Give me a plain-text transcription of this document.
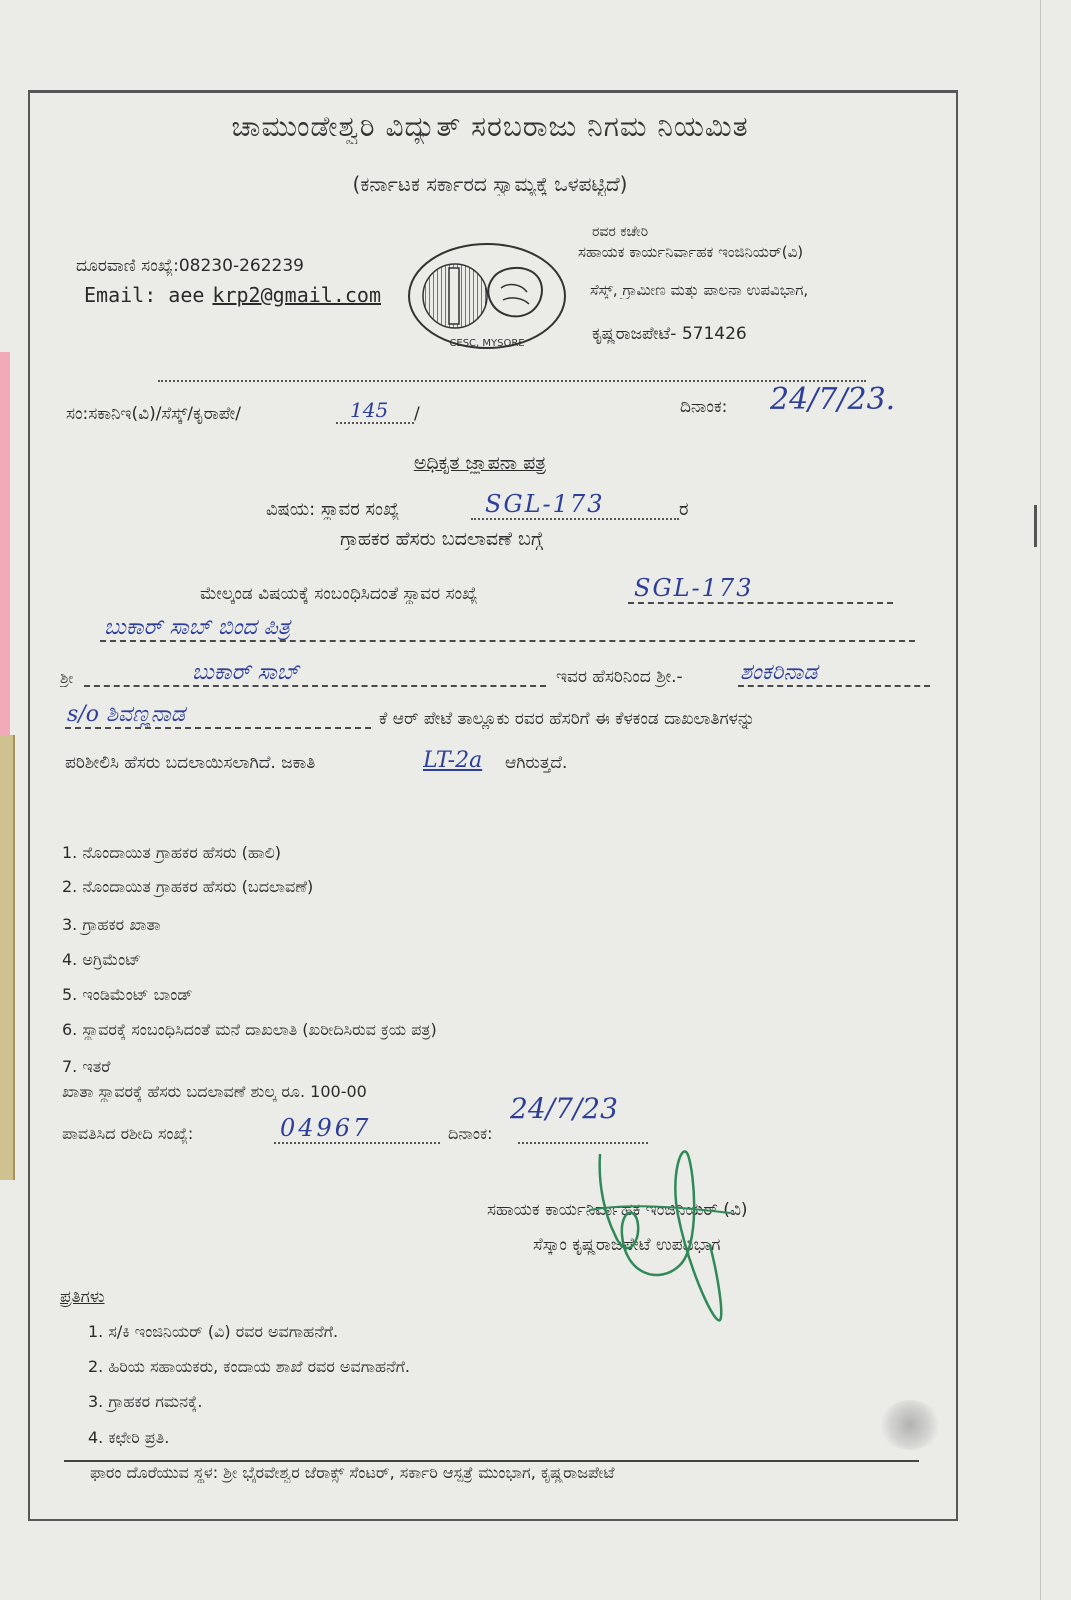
ಚಾಮುಂಡೇಶ್ವರಿ ವಿದ್ಯುತ್ ಸರಬರಾಜು ನಿಗಮ ನಿಯಮಿತ
(ಕರ್ನಾಟಕ ಸರ್ಕಾರದ ಸ್ವಾಮ್ಯಕ್ಕೆ ಒಳಪಟ್ಟಿದೆ)
ದೂರವಾಣಿ ಸಂಖ್ಯೆ:08230-262239
Email: aee krp2@gmail.com
CESC, MYSORE
ರವರ ಕಚೇರಿ
ಸಹಾಯಕ ಕಾರ್ಯನಿರ್ವಾಹಕ ಇಂಜಿನಿಯರ್(ವಿ)
ಸೆಸ್ಕ್, ಗ್ರಾಮೀಣ ಮತ್ತು ಪಾಲನಾ ಉಪವಿಭಾಗ,
ಕೃಷ್ಣರಾಜಪೇಟೆ- 571426
ಸಂ:ಸಕಾನಿಇ(ವಿ)/ಸೆಸ್ಕ್/ಕೃರಾಪೇ/	145 /	ದಿನಾಂಕ:	24/7/23.
ಅಧಿಕೃತ ಜ್ಞಾಪನಾ ಪತ್ರ
ವಿಷಯ: ಸ್ಥಾವರ ಸಂಖ್ಯೆ	SGL-173	ರ
ಗ್ರಾಹಕರ ಹೆಸರು ಬದಲಾವಣೆ ಬಗ್ಗೆ
ಮೇಲ್ಕಂಡ ವಿಷಯಕ್ಕೆ ಸಂಬಂಧಿಸಿದಂತೆ ಸ್ಥಾವರ ಸಂಖ್ಯೆ	SGL-173
ಬುಕಾರ್ ಸಾಬ್ ಬಿಂದ ಪಿತ್ರ
ಶ್ರೀ	ಬುಕಾರ್ ಸಾಬ್	ಇವರ ಹೆಸರಿನಿಂದ ಶ್ರೀ.-	ಶಂಕರಿನಾಡ
s/o ಶಿವಣ್ಣನಾಡ	ಕೆ ಆರ್ ಪೇಟೆ ತಾಲ್ಲೂಕು ರವರ ಹೆಸರಿಗೆ ಈ ಕೆಳಕಂಡ ದಾಖಲಾತಿಗಳನ್ನು
ಪರಿಶೀಲಿಸಿ ಹೆಸರು ಬದಲಾಯಿಸಲಾಗಿದೆ. ಜಕಾತಿ	LT-2a	ಆಗಿರುತ್ತದೆ.
1. ನೊಂದಾಯಿತ ಗ್ರಾಹಕರ ಹೆಸರು (ಹಾಲಿ)
2. ನೊಂದಾಯಿತ ಗ್ರಾಹಕರ ಹೆಸರು (ಬದಲಾವಣೆ)
3. ಗ್ರಾಹಕರ ಖಾತಾ
4. ಅಗ್ರಿಮೆಂಟ್
5. ಇಂಡಿಮೆಂಟ್ ಬಾಂಡ್
6. ಸ್ಥಾವರಕ್ಕೆ ಸಂಬಂಧಿಸಿದಂತೆ ಮನೆ ದಾಖಲಾತಿ (ಖರೀದಿಸಿರುವ ಕ್ರಯ ಪತ್ರ)
7. ಇತರೆ
ಖಾತಾ ಸ್ಥಾವರಕ್ಕೆ ಹೆಸರು ಬದಲಾವಣೆ ಶುಲ್ಕ ರೂ. 100-00
ಪಾವತಿಸಿದ ರಶೀದಿ ಸಂಖ್ಯೆ:	04967	ದಿನಾಂಕ:
24/7/23
ಸಹಾಯಕ ಕಾರ್ಯನಿರ್ವಾಹಕ ಇಂಜಿನಿಯರ್ (ವಿ)
ಸೆಸ್ಕಾಂ ಕೃಷ್ಣರಾಜಪೇಟೆ ಉಪವಿಭಾಗ
ಪ್ರತಿಗಳು
1. ಸ/ಕಿ ಇಂಜಿನಿಯರ್ (ವಿ) ರವರ ಅವಗಾಹನೆಗೆ.
2. ಹಿರಿಯ ಸಹಾಯಕರು, ಕಂದಾಯ ಶಾಖೆ ರವರ ಅವಗಾಹನೆಗೆ.
3. ಗ್ರಾಹಕರ ಗಮನಕ್ಕೆ.
4. ಕಛೇರಿ ಪ್ರತಿ.
ಫಾರಂ ದೊರೆಯುವ ಸ್ಥಳ: ಶ್ರೀ ಭೈರವೇಶ್ವರ ಜೆರಾಕ್ಸ್ ಸೆಂಟರ್, ಸರ್ಕಾರಿ ಆಸ್ಪತ್ರೆ ಮುಂಭಾಗ, ಕೃಷ್ಣರಾಜಪೇಟೆ
